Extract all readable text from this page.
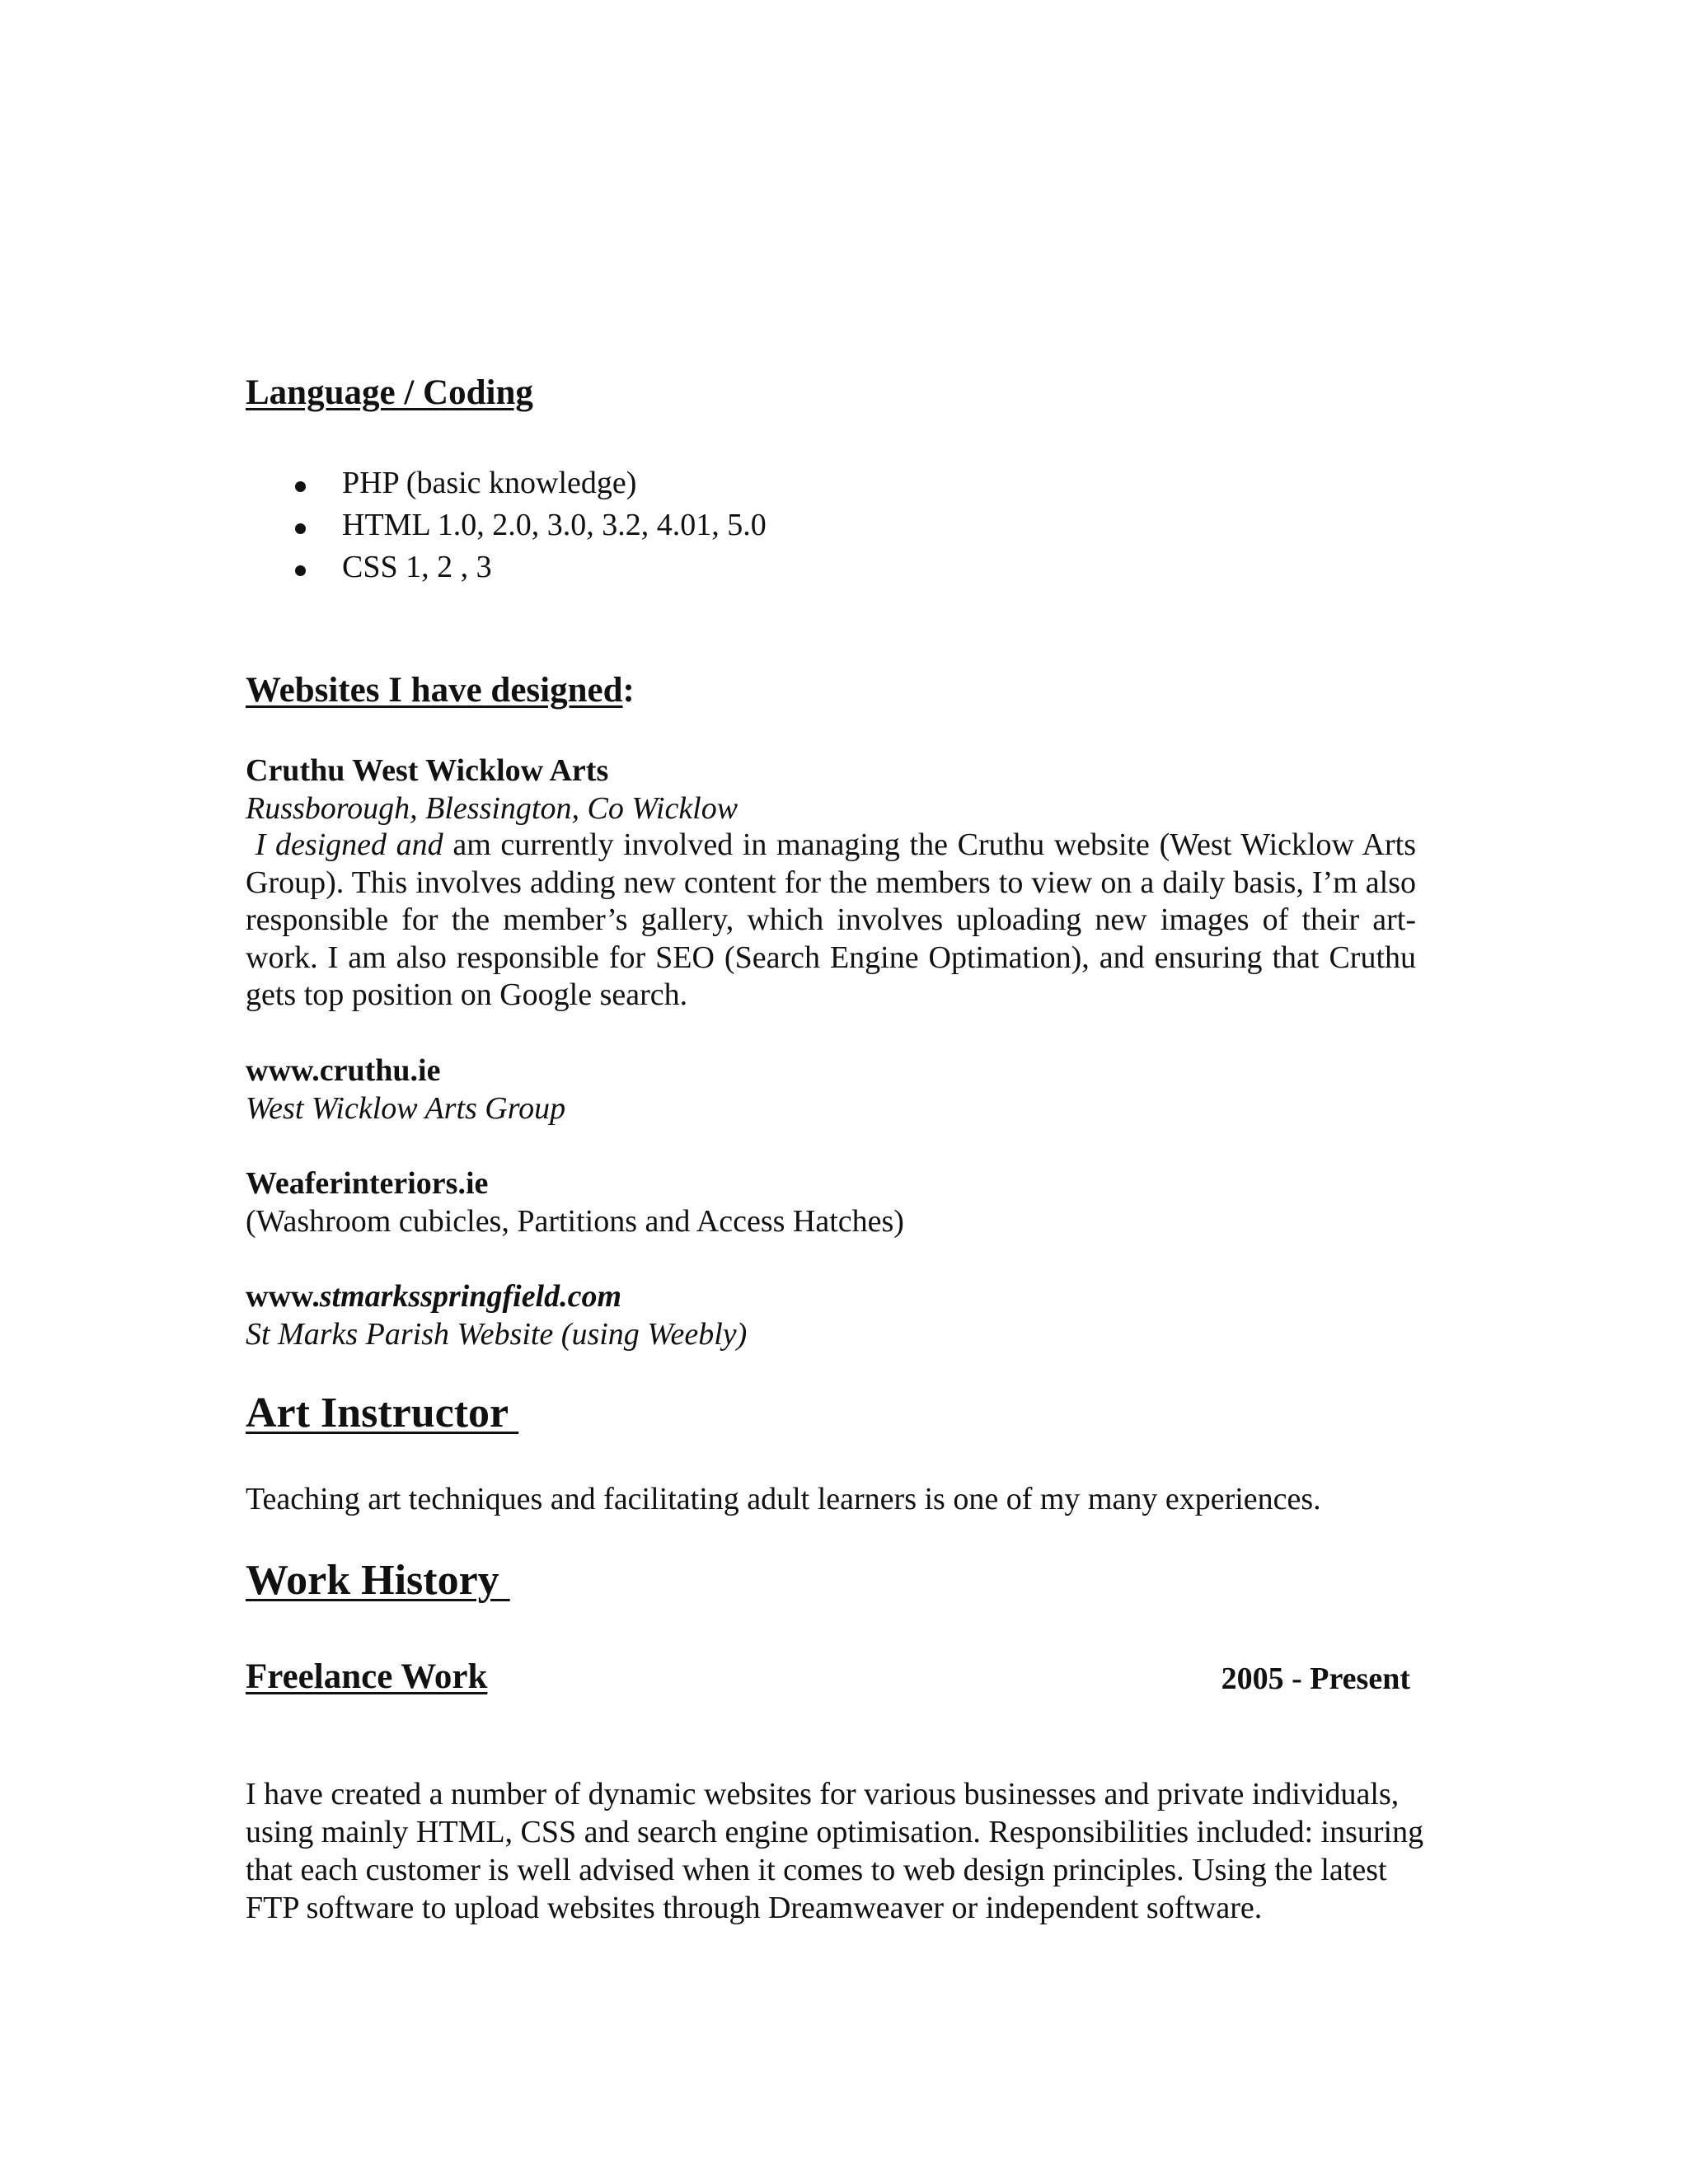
Language / Coding
PHP (basic knowledge)
HTML 1.0, 2.0, 3.0, 3.2, 4.01, 5.0
CSS 1, 2 , 3
Websites I have designed:
Cruthu West Wicklow Arts
Russborough, Blessington, Co Wicklow
I designed and am currently involved in managing the Cruthu website (West Wicklow Arts Group). This involves adding new content for the members to view on a daily basis, I’m also responsible for the member’s gallery, which involves uploading new images of their art-work. I am also responsible for SEO (Search Engine Optimation), and ensuring that Cruthu gets top position on Google search.
www.cruthu.ie
West Wicklow Arts Group
Weaferinteriors.ie
(Washroom cubicles, Partitions and Access Hatches)
www.stmarksspringfield.com
St Marks Parish Website (using Weebly)
Art Instructor
Teaching art techniques and facilitating adult learners is one of my many experiences.
Work History
Freelance Work	2005 - Present
I have created a number of dynamic websites for various businesses and private individuals, using mainly HTML, CSS and search engine optimisation. Responsibilities included: insuring that each customer is well advised when it comes to web design principles. Using the latest FTP software to upload websites through Dreamweaver or independent software.
